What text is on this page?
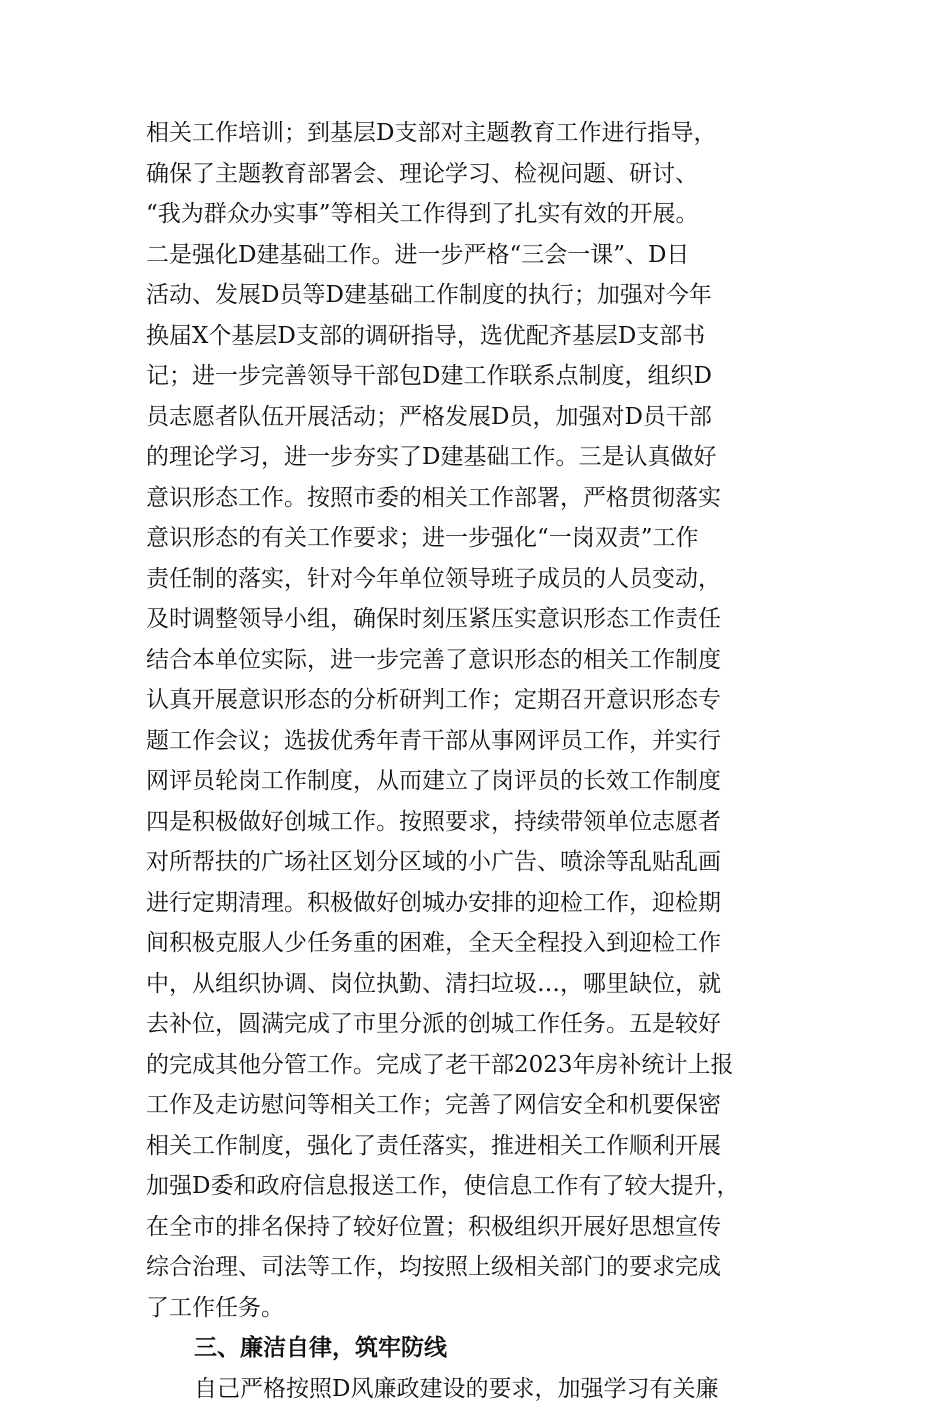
相关工作培训；到基层D支部对主题教育工作进行指导，
确保了主题教育部署会、理论学习、检视问题、研讨、
“我为群众办实事”等相关工作得到了扎实有效的开展。
二是强化D建基础工作。进一步严格“三会一课”、D日
活动、发展D员等D建基础工作制度的执行；加强对今年
换届X个基层D支部的调研指导，选优配齐基层D支部书
记；进一步完善领导干部包D建工作联系点制度，组织D
员志愿者队伍开展活动；严格发展D员，加强对D员干部
的理论学习，进一步夯实了D建基础工作。三是认真做好
意识形态工作。按照市委的相关工作部署，严格贯彻落实
意识形态的有关工作要求；进一步强化“一岗双责”工作
责任制的落实，针对今年单位领导班子成员的人员变动，
及时调整领导小组，确保时刻压紧压实意识形态工作责任
结合本单位实际，进一步完善了意识形态的相关工作制度
认真开展意识形态的分析研判工作；定期召开意识形态专
题工作会议；选拔优秀年青干部从事网评员工作，并实行
网评员轮岗工作制度，从而建立了岗评员的长效工作制度
四是积极做好创城工作。按照要求，持续带领单位志愿者
对所帮扶的广场社区划分区域的小广告、喷涂等乱贴乱画
进行定期清理。积极做好创城办安排的迎检工作，迎检期
间积极克服人少任务重的困难，全天全程投入到迎检工作
中，从组织协调、岗位执勤、清扫垃圾…，哪里缺位，就
去补位，圆满完成了市里分派的创城工作任务。五是较好
的完成其他分管工作。完成了老干部2023年房补统计上报
工作及走访慰问等相关工作；完善了网信安全和机要保密
相关工作制度，强化了责任落实，推进相关工作顺利开展
加强D委和政府信息报送工作，使信息工作有了较大提升，
在全市的排名保持了较好位置；积极组织开展好思想宣传
综合治理、司法等工作，均按照上级相关部门的要求完成
了工作任务。
三、廉洁自律，筑牢防线
自己严格按照D风廉政建设的要求，加强学习有关廉
